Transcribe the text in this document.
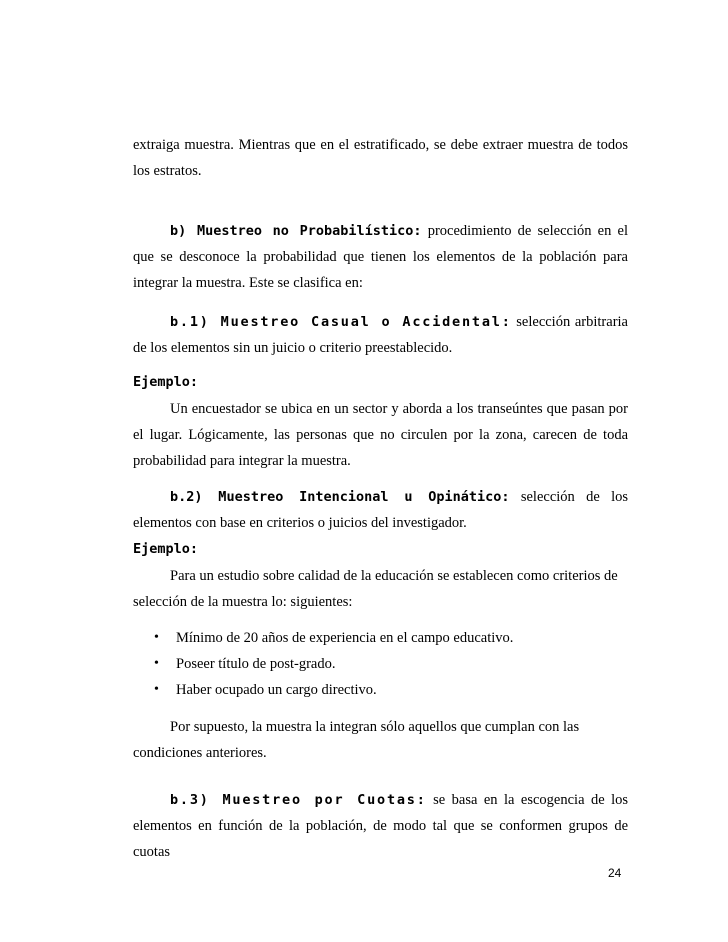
extraiga muestra. Mientras que en el estratificado, se debe extraer muestra de todos los estratos.
b) Muestreo no Probabilístico: procedimiento de selección en el que se desconoce la probabilidad que tienen los elementos de la población para integrar la muestra. Este se clasifica en:
b.1) Muestreo Casual o Accidental: selección arbitraria de los elementos sin un juicio o criterio preestablecido.
Ejemplo:
Un encuestador se ubica en un sector y aborda a los transeúntes que pasan por el lugar. Lógicamente, las personas que no circulen por la zona, carecen de toda probabilidad para integrar la muestra.
b.2) Muestreo Intencional u Opinático: selección de los elementos con base en criterios o juicios del investigador.
Ejemplo:
Para un estudio sobre calidad de la educación se establecen como criterios de selección de la muestra lo: siguientes:
• Mínimo de 20 años de experiencia en el campo educativo.
• Poseer título de post-grado.
• Haber ocupado un cargo directivo.
Por supuesto, la muestra la integran sólo aquellos que cumplan con las condiciones anteriores.
b.3) Muestreo por Cuotas: se basa en la escogencia de los elementos en función de la población, de modo tal que se conformen grupos de cuotas
24
